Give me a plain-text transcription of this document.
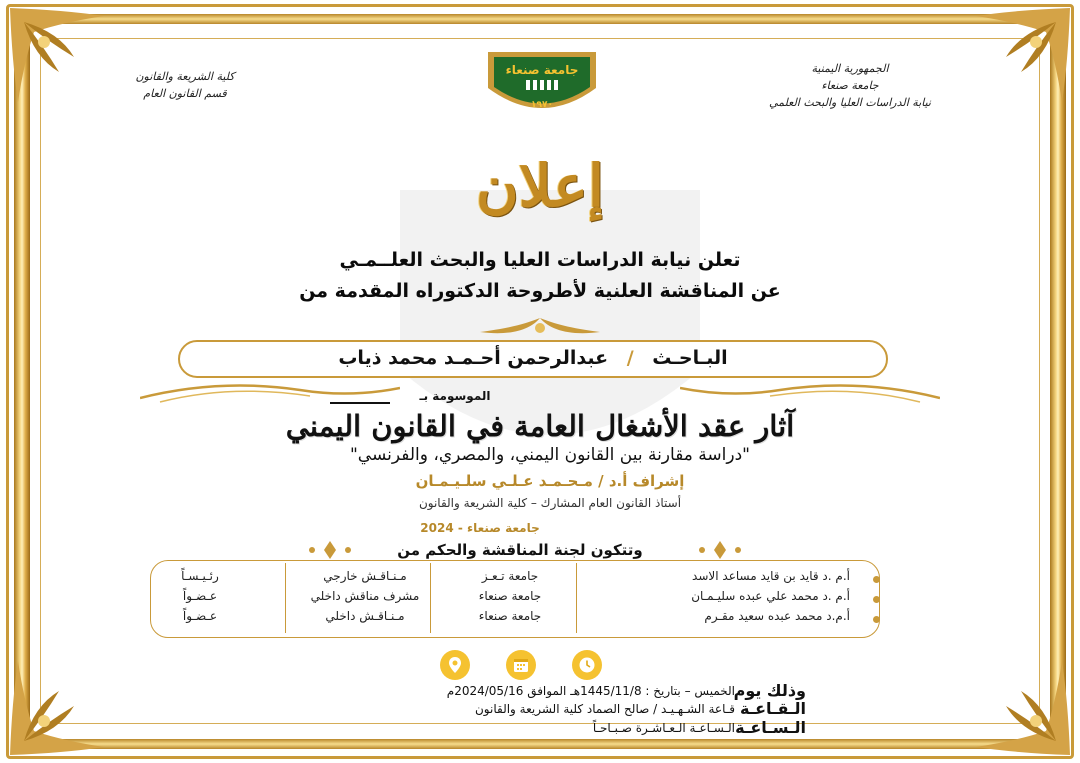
الجمهورية اليمنية
جامعة صنعاء
نيابة الدراسات العليا والبحث العلمي
كلية الشريعة والقانون
قسم القانون العام
جامعة صنعاء
١٩٧٠
إعلان
تعلن نيابة الدراسات العليا والبحث العلــمـي
عن المناقشة العلنية لأطروحة الدكتوراه المقدمة من
البـاحـث / عبدالرحمن أحـمـد محمد ذياب
الموسومة بـ
آثار عقد الأشغال العامة في القانون اليمني
"دراسة مقارنة بين القانون اليمني، والمصري، والفرنسي"
إشراف أ.د / مـحـمـد عـلـي سلـيـمـان
أستاذ القانون العام المشارك – كلية الشريعة والقانون
جامعة صنعاء - 2024
وتتكون لجنة المناقشة والحكم من
أ.م .د قايد بن قايد مساعد الاسد
جامعة تـعـز
مـنـاقـش خارجي
رئـيـسـاً
أ.م .د محمد علي عبده سليـمـان
جامعة صنعاء
مشرف مناقش داخلي
عـضـواً
أ.م.د محمد عبده سعيد مقـرم
جامعة صنعاء
مـنـاقـش داخلي
عـضـواً
وذلك يوم
الخميس – بتاريخ : 1445/11/8هـ الموافق 2024/05/16م
الـقـاعـة
قـاعة الشـهـيـد / صالح الصماد كلية الشريعة والقانون
الـسـاعـة
الـسـاعـة الـعـاشـرة صـبـاحـاً
